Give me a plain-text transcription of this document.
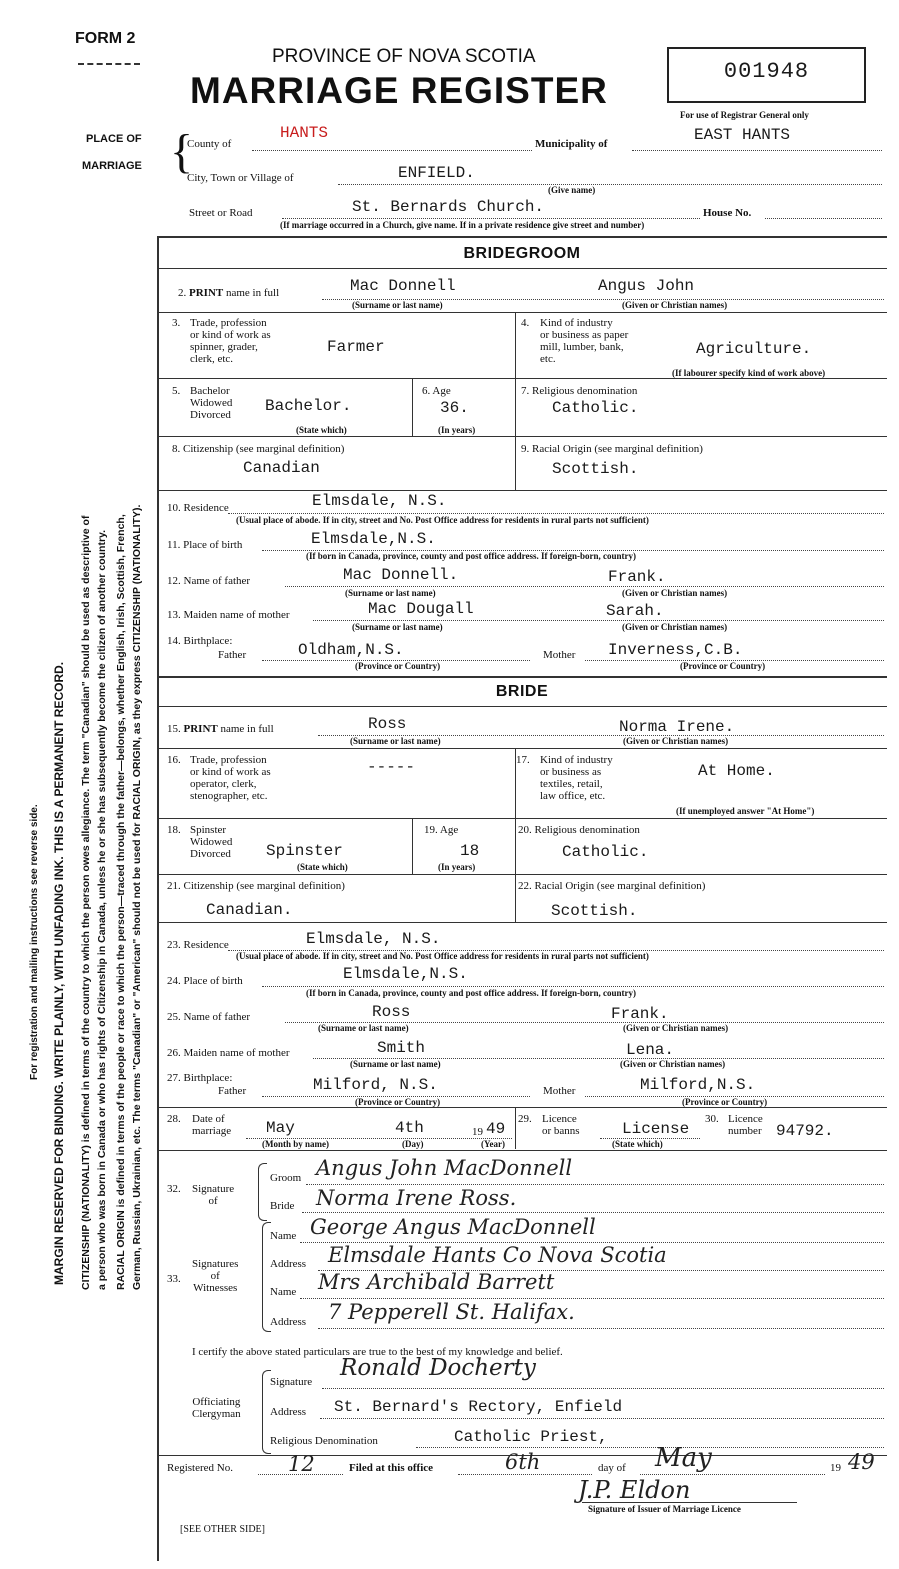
FORM 2
PROVINCE OF NOVA SCOTIA
MARRIAGE REGISTER	001948
For use of Registrar General only
For registration and mailing instructions see reverse side. MARGIN RESERVED FOR BINDING. WRITE PLAINLY, WITH UNFADING INK. THIS IS A PERMANENT RECORD. CITIZENSHIP (NATIONALITY) is defined in terms of the country to which the person owes allegiance. The term "Canadian" should be used as descriptive of a person who was born in Canada or who has rights of Citizenship in Canada, unless he or she has subsequently become the citizen of another country. RACIAL ORIGIN is defined in terms of the people or race to which the person—traced through the father—belongs, whether English, Irish, Scottish, French, German, Russian, Ukrainian, etc. The terms "Canadian" or "American" should not be used for RACIAL ORIGIN, as they express CITIZENSHIP (NATIONALITY).
PLACE OF
MARRIAGE {
County of
HANTS
Municipality of	EAST HANTS
City, Town or Village of	ENFIELD.
(Give name)
Street or Road	St. Bernards Church.	House No.
(If marriage occurred in a Church, give name. If in a private residence give street and number)
BRIDEGROOM
2. PRINT name in full	Mac Donnell	Angus John
(Surname or last name)	(Given or Christian names)
3. Trade, profession
or kind of work as
spinner, grader,
clerk, etc.
Farmer
4. Kind of industry
or business as paper
mill, lumber, bank,
etc.
Agriculture.
(If labourer specify kind of work above)
5. Bachelor
Widowed
Divorced Bachelor.
(State which)
6. Age
36.
(In years)
7. Religious denomination
Catholic.
8. Citizenship (see marginal definition)
Canadian
9. Racial Origin (see marginal definition)
Scottish.
10. Residence	Elmsdale, N.S.
(Usual place of abode. If in city, street and No. Post Office address for residents in rural parts not sufficient)
11. Place of birth	Elmsdale,N.S.
(If born in Canada, province, county and post office address. If foreign-born, country)
12. Name of father	Mac Donnell.	Frank.
(Surname or last name)	(Given or Christian names)
13. Maiden name of mother	Mac Dougall	Sarah.
(Surname or last name)	(Given or Christian names)
14. Birthplace:
Father	Oldham,N.S.	Mother Inverness,C.B.
(Province or Country)	(Province or Country)
BRIDE
15. PRINT name in full	Ross	Norma Irene.
(Surname or last name)	(Given or Christian names)
16. Trade, profession
or kind of work as
operator, clerk,
stenographer, etc.
-----	17. Kind of industry
or business as
textiles, retail,
law office, etc.
At Home.
(If unemployed answer "At Home")
18. Spinster
Widowed
Divorced Spinster
(State which)
19. Age
18
(In years)
20. Religious denomination
Catholic.
21. Citizenship (see marginal definition)
Canadian.
22. Racial Origin (see marginal definition)
Scottish.
23. Residence	Elmsdale, N.S.
(Usual place of abode. If in city, street and No. Post Office address for residents in rural parts not sufficient)
24. Place of birth	Elmsdale,N.S.
(If born in Canada, province, county and post office address. If foreign-born, country)
25. Name of father	Ross	Frank.
(Surname or last name)	(Given or Christian names)
26. Maiden name of mother	Smith	Lena.
(Surname or last name)	(Given or Christian names)
27. Birthplace:
Father	Milford, N.S.	Mother	Milford,N.S.
(Province or Country)	(Province or Country)
28. Date of
marriage May	4th	19 49
(Month by name)	(Day)	(Year)
29. Licence
or banns	License
(State which)
30. Licence
number 94792.
32. Signature
of
Groom Angus John MacDonnell
Bride Norma Irene Ross.
33.
Signatures
of
Witnesses
Name George Angus MacDonnell
Address Elmsdale Hants Co Nova Scotia
Name Mrs Archibald Barrett
Address 7 Pepperell St. Halifax.
I certify the above stated particulars are true to the best of my knowledge and belief.
Officiating
Clergyman
Signature
Ronald Docherty
Address St. Bernard's Rectory, Enfield
Religious Denomination	Catholic Priest,
Registered No.	12	Filed at this office	6th	day of May	19 49
J.P. Eldon
Signature of Issuer of Marriage Licence
[SEE OTHER SIDE]
